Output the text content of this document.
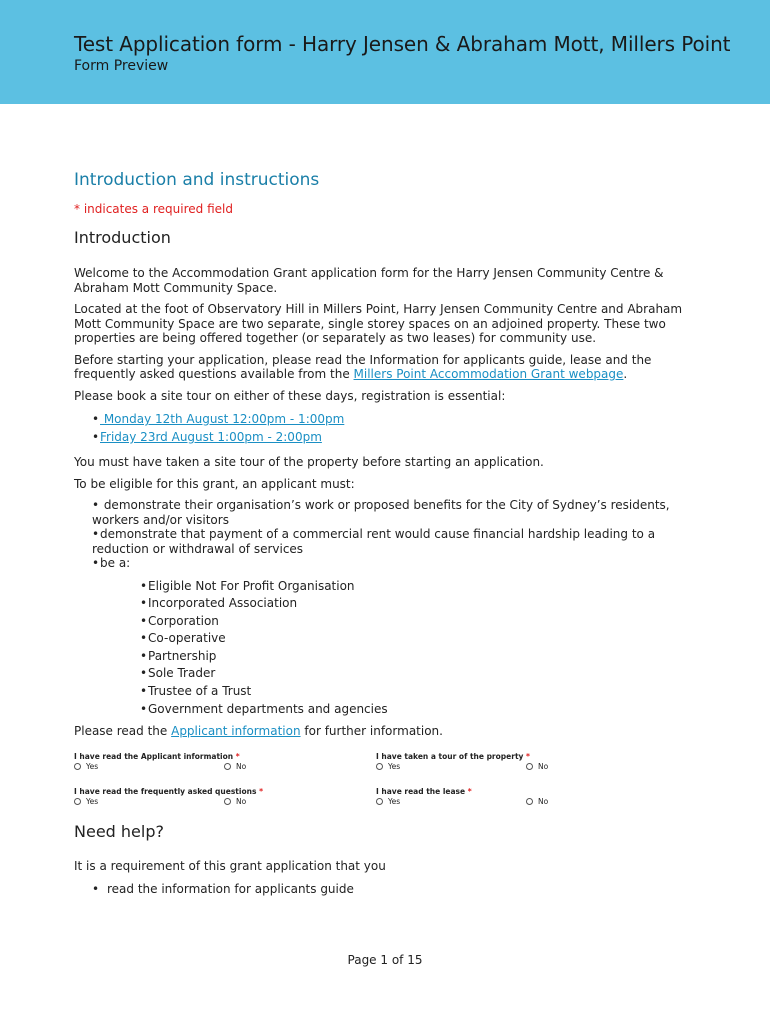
Test Application form - Harry Jensen & Abraham Mott, Millers Point
Form Preview
Introduction and instructions
* indicates a required field
Introduction

Welcome to the Accommodation Grant application form for the Harry Jensen Community Centre & Abraham Mott Community Space.

Located at the foot of Observatory Hill in Millers Point, Harry Jensen Community Centre and Abraham Mott Community Space are two separate, single storey spaces on an adjoined property. These two properties are being offered together (or separately as two leases) for community use.

Before starting your application, please read the Information for applicants guide, lease and the frequently asked questions available from the Millers Point Accommodation Grant webpage.

Please book a site tour on either of these days, registration is essential:

• Monday 12th August 12:00pm - 1:00pm
•Friday 23rd August 1:00pm - 2:00pm

You must have taken a site tour of the property before starting an application.

To be eligible for this grant, an applicant must:

• demonstrate their organisation’s work or proposed benefits for the City of Sydney’s residents, workers and/or visitors
•demonstrate that payment of a commercial rent would cause financial hardship leading to a reduction or withdrawal of services
•be a:
•Eligible Not For Profit Organisation
•Incorporated Association
•Corporation
•Co-operative
•Partnership
•Sole Trader
•Trustee of a Trust
•Government departments and agencies

Please read the Applicant information for further information.

I have read the Applicant information *
Yes	No
I have taken a tour of the property *
Yes	No
I have read the frequently asked questions *
Yes	No
I have read the lease *
Yes	No
Need help?

It is a requirement of this grant application that you

•read the information for applicants guide
Page 1 of 15
